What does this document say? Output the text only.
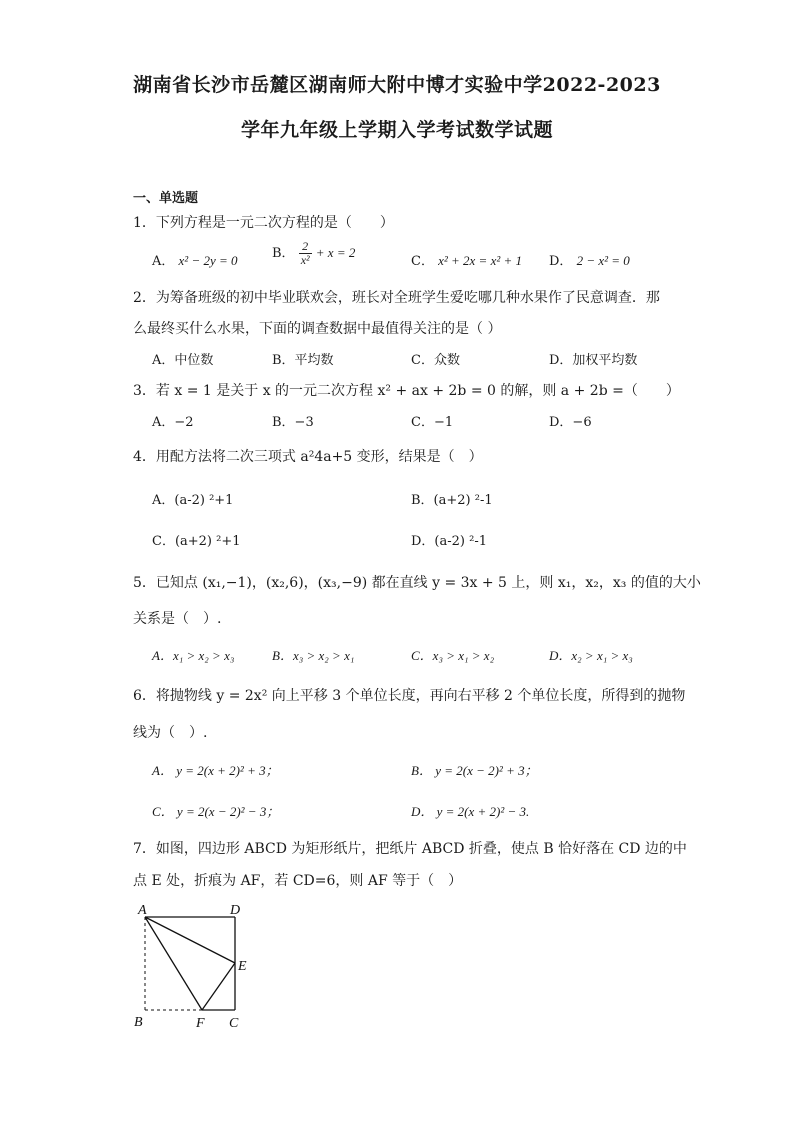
湖南省长沙市岳麓区湖南师大附中博才实验中学2022-2023
学年九年级上学期入学考试数学试题
一、单选题
1．下列方程是一元二次方程的是（　　）
A． x² − 2y = 0	B． $\frac{2}{\text{x²}} + x = 2$
C． x² + 2x = x² + 1 D． 2 − x² = 0
2．为筹备班级的初中毕业联欢会，班长对全班学生爱吃哪几种水果作了民意调查．那
么最终买什么水果，下面的调查数据中最值得关注的是（ ）
A．中位数	B．平均数	C．众数	D．加权平均数
3．若 x = 1 是关于 x 的一元二次方程 x² + ax + 2b = 0 的解，则 a + 2b =（　　）
A．−2	B．−3	C．−1	D．−6
4．用配方法将二次三项式 a²4a+5 变形，结果是（　）
A．(a-2) ²+1	B．(a+2) ²-1
C．(a+2) ²+1	D．(a-2) ²-1
5．已知点 (x₁,−1)，(x₂,6)，(x₃,−9) 都在直线 y = 3x + 5 上，则 x₁，x₂，x₃ 的值的大小
关系是（　）.
A．x₁ > x₂ > x₃	B．x₃ > x₂ > x₁	C．x₃ > x₁ > x₂	D．x₂ > x₁ > x₃
6．将抛物线 y = 2x² 向上平移 3 个单位长度，再向右平移 2 个单位长度，所得到的抛物
线为（　）.
A． y = 2(x + 2)² + 3；	B． y = 2(x − 2)² + 3；
C． y = 2(x − 2)² − 3；	D． y = 2(x + 2)² − 3.
7．如图，四边形 ABCD 为矩形纸片，把纸片 ABCD 折叠，使点 B 恰好落在 CD 边的中
点 E 处，折痕为 AF，若 CD=6，则 AF 等于（　）
A	D
E
B	F C
